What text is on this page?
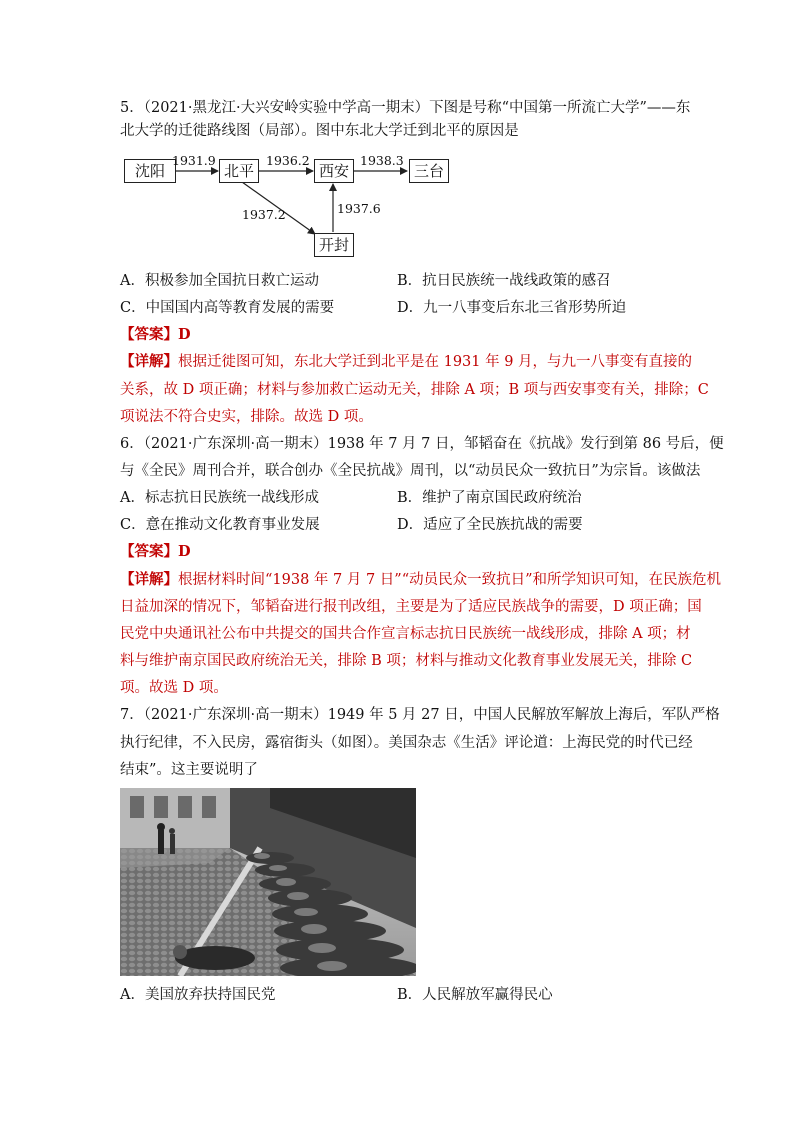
5．（2021·黑龙江·大兴安岭实验中学高一期末）下图是号称“中国第一所流亡大学”——东
北大学的迁徙路线图（局部）。图中东北大学迁到北平的原因是
沈阳	北平	西安	三台
开封
1931.9	1936.2	1938.3
1937.2	1937.6
A．积极参加全国抗日救亡运动	B．抗日民族统一战线政策的感召
C．中国国内高等教育发展的需要	D．九一八事变后东北三省形势所迫
【答案】D
【详解】根据迁徙图可知，东北大学迁到北平是在 1931 年 9 月，与九一八事变有直接的
关系，故 D 项正确；材料与参加救亡运动无关，排除 A 项；B 项与西安事变有关，排除；C
项说法不符合史实，排除。故选 D 项。
6．（2021·广东深圳·高一期末）1938 年 7 月 7 日，邹韬奋在《抗战》发行到第 86 号后，便
与《全民》周刊合并，联合创办《全民抗战》周刊，以“动员民众一致抗日”为宗旨。该做法
A．标志抗日民族统一战线形成	B．维护了南京国民政府统治
C．意在推动文化教育事业发展	D．适应了全民族抗战的需要
【答案】D
【详解】根据材料时间“1938 年 7 月 7 日”“动员民众一致抗日”和所学知识可知，在民族危机
日益加深的情况下，邹韬奋进行报刊改组，主要是为了适应民族战争的需要，D 项正确；国
民党中央通讯社公布中共提交的国共合作宣言标志抗日民族统一战线形成，排除 A 项；材
料与维护南京国民政府统治无关，排除 B 项；材料与推动文化教育事业发展无关，排除 C
项。故选 D 项。
7．（2021·广东深圳·高一期末）1949 年 5 月 27 日，中国人民解放军解放上海后，军队严格
执行纪律，不入民房，露宿街头（如图）。美国杂志《生活》评论道：上海民党的时代已经
结束”。这主要说明了
A．美国放弃扶持国民党	B．人民解放军赢得民心
